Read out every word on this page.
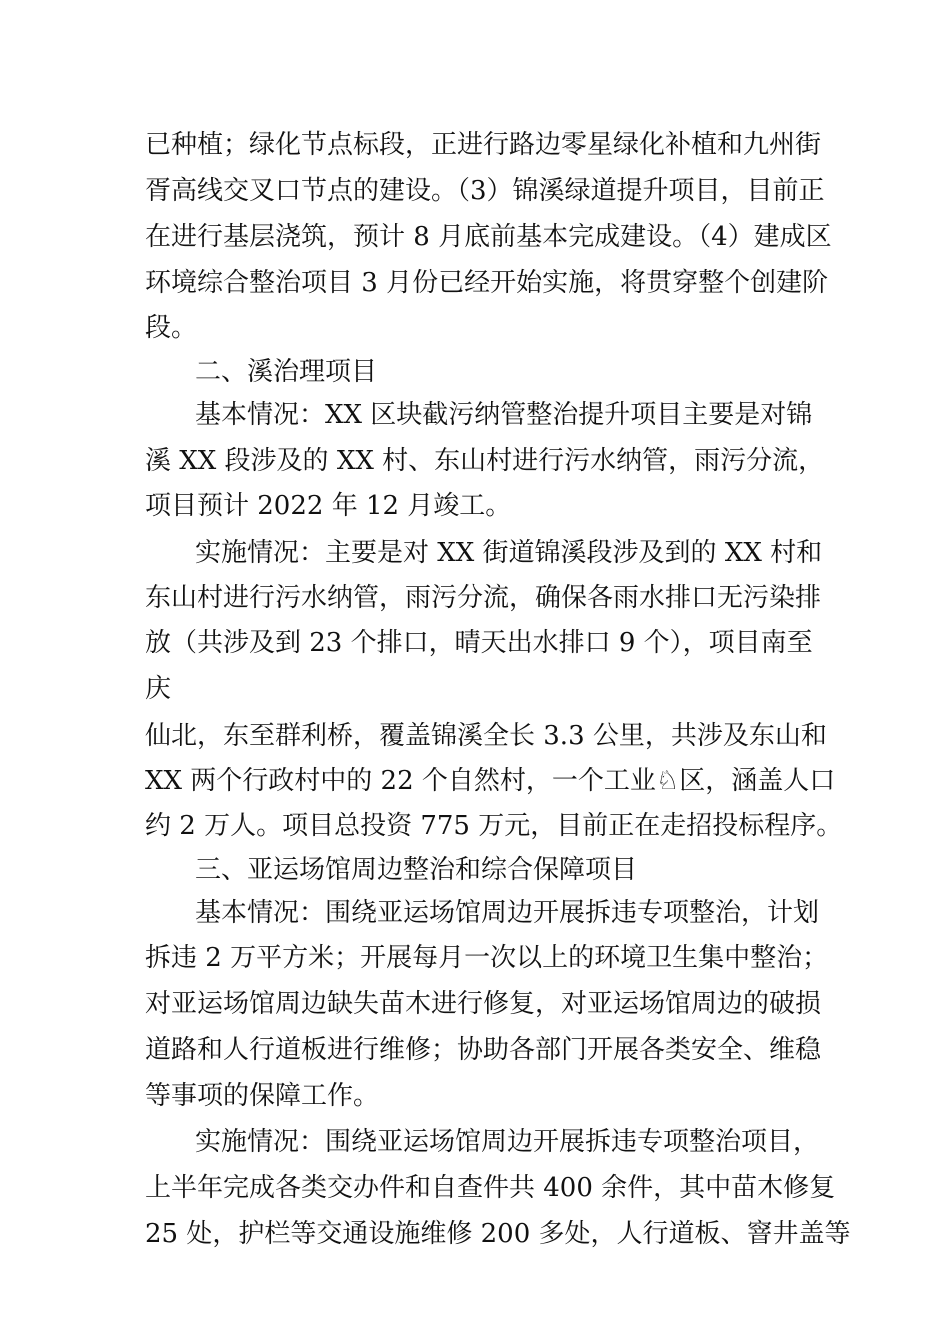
已种植；绿化节点标段，正进行路边零星绿化补植和九州街
胥高线交叉口节点的建设。（3）锦溪绿道提升项目，目前正
在进行基层浇筑，预计 8 月底前基本完成建设。（4）建成区
环境综合整治项目 3 月份已经开始实施，将贯穿整个创建阶
段。
二、溪治理项目
基本情况：XX 区块截污纳管整治提升项目主要是对锦
溪 XX 段涉及的 XX 村、东山村进行污水纳管，雨污分流，
项目预计 2022 年 12 月竣工。
实施情况：主要是对 XX 街道锦溪段涉及到的 XX 村和
东山村进行污水纳管，雨污分流，确保各雨水排口无污染排
放（共涉及到 23 个排口，晴天出水排口 9 个），项目南至
庆
仙北，东至群利桥，覆盖锦溪全长 3.3 公里，共涉及东山和
XX 两个行政村中的 22 个自然村，一个工业♘区，涵盖人口
约 2 万人。项目总投资 775 万元，目前正在走招投标程序。
三、亚运场馆周边整治和综合保障项目
基本情况：围绕亚运场馆周边开展拆违专项整治，计划
拆违 2 万平方米；开展每月一次以上的环境卫生集中整治；
对亚运场馆周边缺失苗木进行修复，对亚运场馆周边的破损
道路和人行道板进行维修；协助各部门开展各类安全、维稳
等事项的保障工作。
实施情况：围绕亚运场馆周边开展拆违专项整治项目，
上半年完成各类交办件和自查件共 400 余件，其中苗木修复
25 处，护栏等交通设施维修 200 多处，人行道板、窨井盖等
